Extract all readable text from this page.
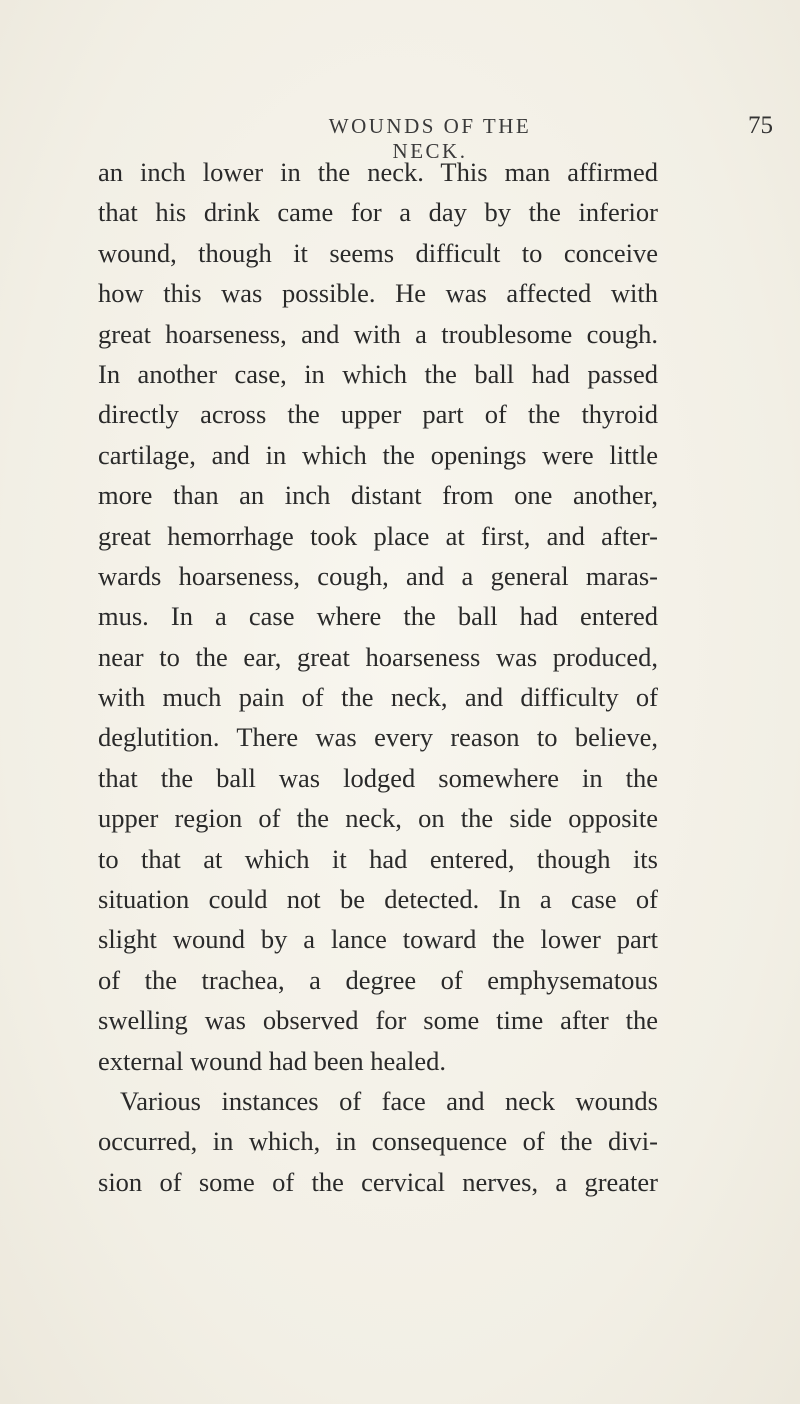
WOUNDS OF THE NECK.
75
an inch lower in the neck. This man affirmed
that his drink came for a day by the inferior
wound, though it seems difficult to conceive
how this was possible. He was affected with
great hoarseness, and with a troublesome cough.
In another case, in which the ball had passed
directly across the upper part of the thyroid
cartilage, and in which the openings were little
more than an inch distant from one another,
great hemorrhage took place at first, and after-
wards hoarseness, cough, and a general maras-
mus. In a case where the ball had entered
near to the ear, great hoarseness was produced,
with much pain of the neck, and difficulty of
deglutition. There was every reason to believe,
that the ball was lodged somewhere in the
upper region of the neck, on the side opposite
to that at which it had entered, though its
situation could not be detected. In a case of
slight wound by a lance toward the lower part
of the trachea, a degree of emphysematous
swelling was observed for some time after the
external wound had been healed.
Various instances of face and neck wounds
occurred, in which, in consequence of the divi-
sion of some of the cervical nerves, a greater
